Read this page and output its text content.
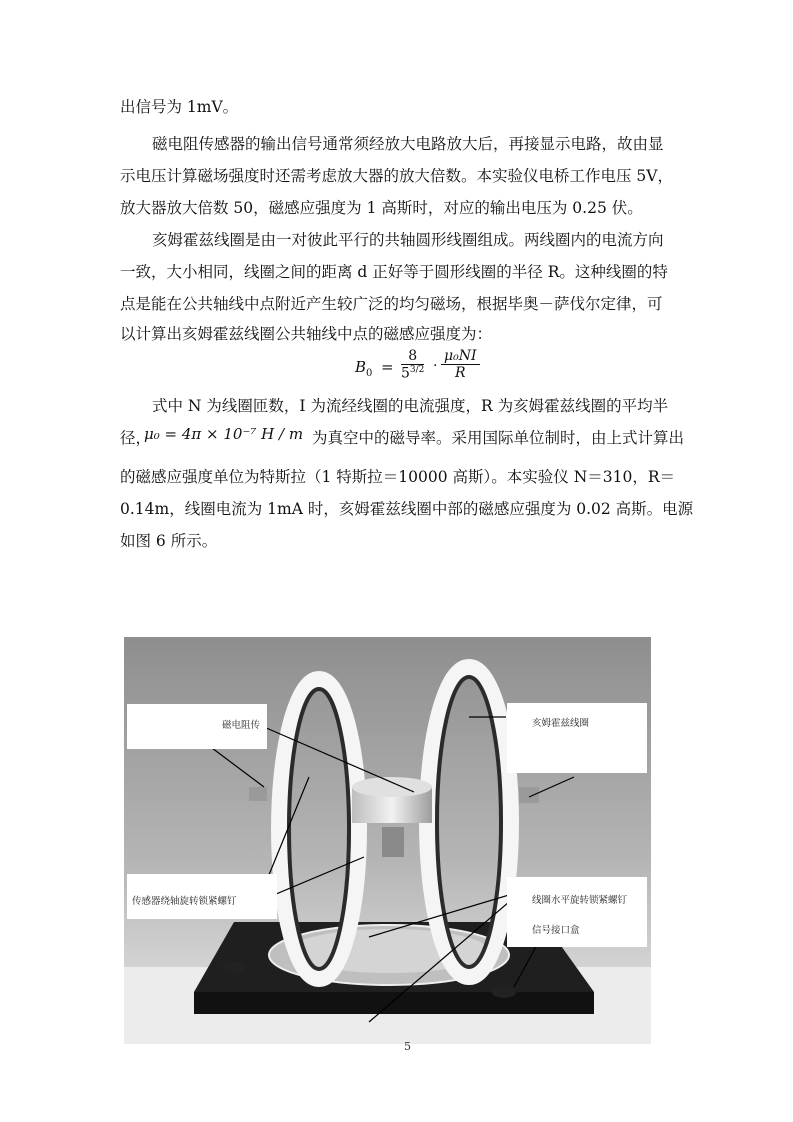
出信号为 1mV。
磁电阻传感器的输出信号通常须经放大电路放大后，再接显示电路，故由显
示电压计算磁场强度时还需考虑放大器的放大倍数。本实验仪电桥工作电压 5V，
放大器放大倍数 50，磁感应强度为 1 高斯时，对应的输出电压为 0.25 伏。
亥姆霍兹线圈是由一对彼此平行的共轴圆形线圈组成。两线圈内的电流方向
一致，大小相同，线圈之间的距离 d 正好等于圆形线圈的半径 R。这种线圈的特
点是能在公共轴线中点附近产生较广泛的均匀磁场，根据毕奥－萨伐尔定律，可
以计算出亥姆霍兹线圈公共轴线中点的磁感应强度为：
$B_0 = \frac{8}{5^{3/2}} \cdot \frac{\text{μ₀NI}}{R}$
式中 N 为线圈匝数，I 为流经线圈的电流强度，R 为亥姆霍兹线圈的平均半
径，
μ₀ = 4π × 10⁻⁷ H / m 为真空中的磁导率。采用国际单位制时，由上式计算出
的磁感应强度单位为特斯拉（1 特斯拉＝10000 高斯）。本实验仪 N＝310，R＝
0.14m，线圈电流为 1mA 时，亥姆霍兹线圈中部的磁感应强度为 0.02 高斯。电源
如图 6 所示。
磁电阻传	亥姆霍兹线圈
传感器绕轴旋转锁紧螺钉	线圈水平旋转锁紧螺钉
信号接口盒
5
